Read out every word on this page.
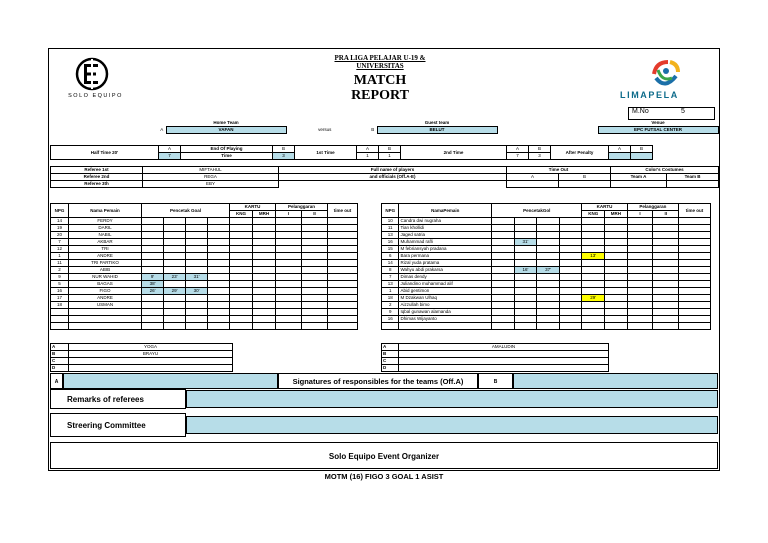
SOLO EQUIPO
PRA LIGA PELAJAR U-19 &
UNIVERSITAS
MATCH
REPORT	LIMAPELA
M.No	5
		Home Team				Guest team			Venue
	A	VAFAN	versus		B	BELUT			EPC FUTSAL CENTER
Half Time 20'	A	End Of Playing	B	1st Time	A	B	2nd Time	A	B	After Penalty	A	B	
	7	Time	3		1	1		7	3				
Referee 1st	MIFTAHUL	Full name of players	Time Out		Color's Costumes	
Referee 2nd	REGA	and officials (Off.A-E)	A	B	Team A	Team B
Referee 3th	EBY					
NPG	Nama Pemain	Pencetak Goal				KARTU		Pelanggaran		time out
						KNG	MRH	I	II	
14	FERDY									
19	DARIL									
20	NABIL									
7	AKBAR									
12	TRI									
1	ANDRE									
11	TRI PARTIKO									
2	ABIB									
9	NUR WAHID	9'	23'	31'						
5	BAGAS	38'								
16	FIGO	26'	29'	30'						
17	ANDRE									
18	USMAN									

NPG	NamaPemain	PencetakGol				KARTU		Pelanggaran		time out
						KNG	MRH	I	II	
10	Candra dwi nugraha									
11	Tian khollidi									
13	Jaged satria									
16	Muhammad rafli		31'							
15	M febriansyah pradana									
6	Bara permana					13'				
14	Rizal yuda pratama									
8	Wahyu abdi prakarsa		16'	37'						
7	Dimas dendy									
13	Juliandino muhammad alif									
1	Abid gentimon									
18	M Dzakwan Ulhaq					29'				
2	Aizzullah bimo									
9	Iqbal gunawan alamanda									
16	Dhimas Wijayanto									

A	YOGA
B	BRAYU
C	
D	
A	AMALUDIN
B	
C	
D	
A	Signatures of responsibles for the teams (Off.A)	B
Remarks of referees
Streering Committee
Solo Equipo Event Organizer
MOTM (16) FIGO 3 GOAL 1 ASIST
